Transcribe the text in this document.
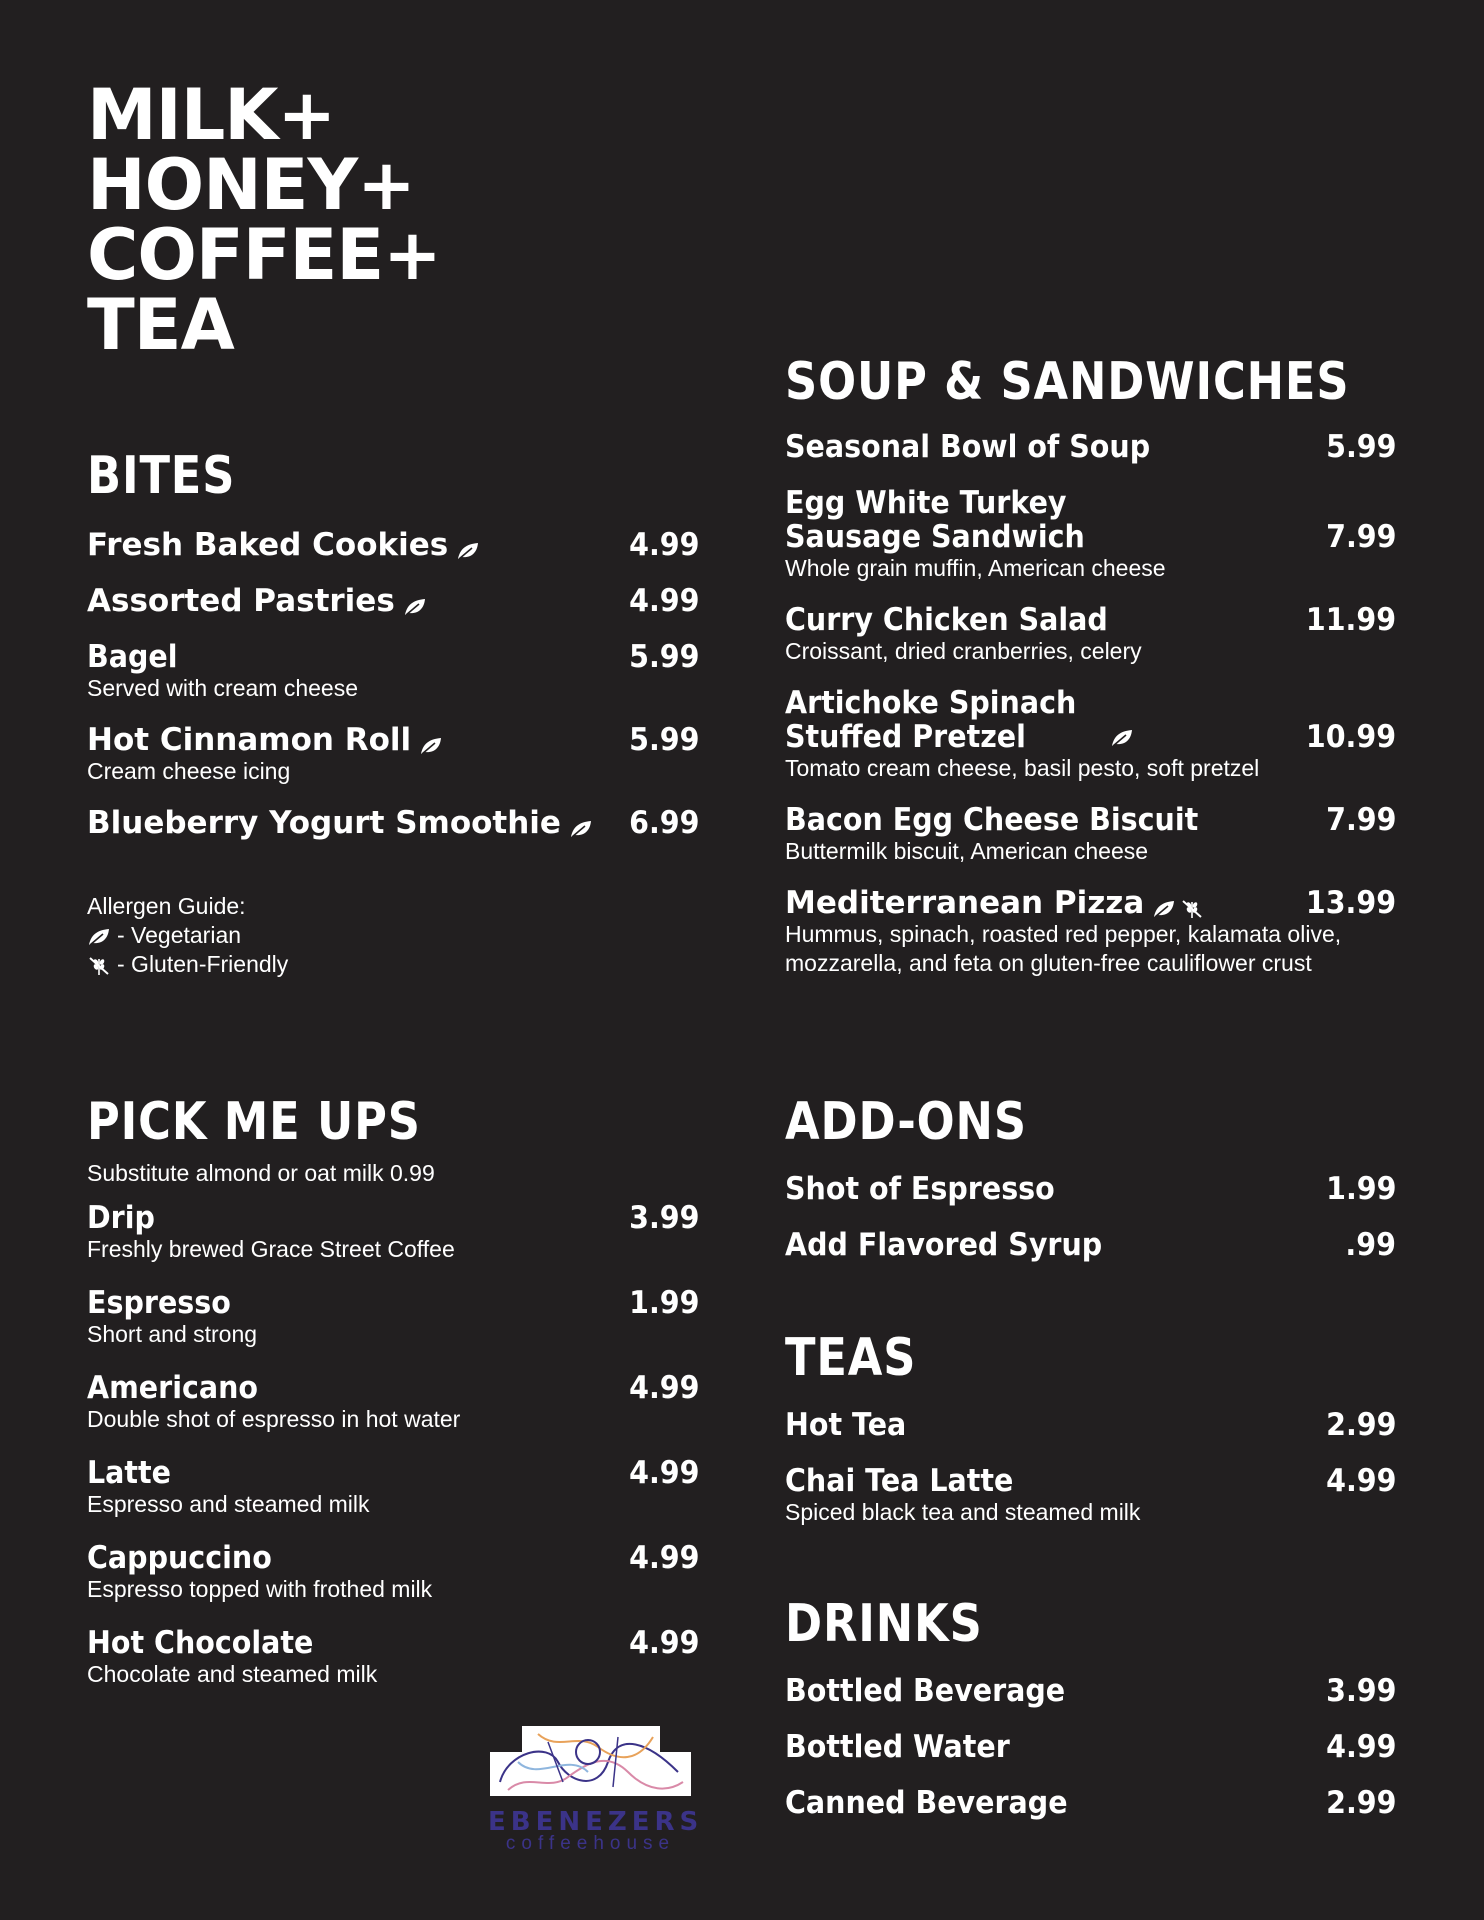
MILK+
HONEY+
COFFEE+
TEA
BITES
Fresh Baked Cookies	4.99
Assorted Pastries	4.99
Bagel	5.99
Served with cream cheese
Hot Cinnamon Roll	5.99
Cream cheese icing
Blueberry Yogurt Smoothie 6.99
Allergen Guide:
- Vegetarian
- Gluten-Friendly
PICK ME UPS
Substitute almond or oat milk 0.99
Drip	3.99
Freshly brewed Grace Street Coffee
Espresso	1.99
Short and strong
Americano	4.99
Double shot of espresso in hot water
Latte	4.99
Espresso and steamed milk
Cappuccino	4.99
Espresso topped with frothed milk
Hot Chocolate	4.99
Chocolate and steamed milk
EBENEZERS
coffeehouse
SOUP & SANDWICHES
Seasonal Bowl of Soup	5.99
Egg White Turkey
Sausage Sandwich	7.99
Whole grain muffin, American cheese
Curry Chicken Salad	11.99
Croissant, dried cranberries, celery
Artichoke Spinach
Stuffed Pretzel	10.99
Tomato cream cheese, basil pesto, soft pretzel
Bacon Egg Cheese Biscuit	7.99
Buttermilk biscuit, American cheese
Mediterranean Pizza	13.99
Hummus, spinach, roasted red pepper, kalamata olive,
mozzarella, and feta on gluten-free cauliflower crust
ADD-ONS
Shot of Espresso	1.99
Add Flavored Syrup	.99
TEAS
Hot Tea	2.99
Chai Tea Latte	4.99
Spiced black tea and steamed milk
DRINKS
Bottled Beverage	3.99
Bottled Water	4.99
Canned Beverage	2.99
